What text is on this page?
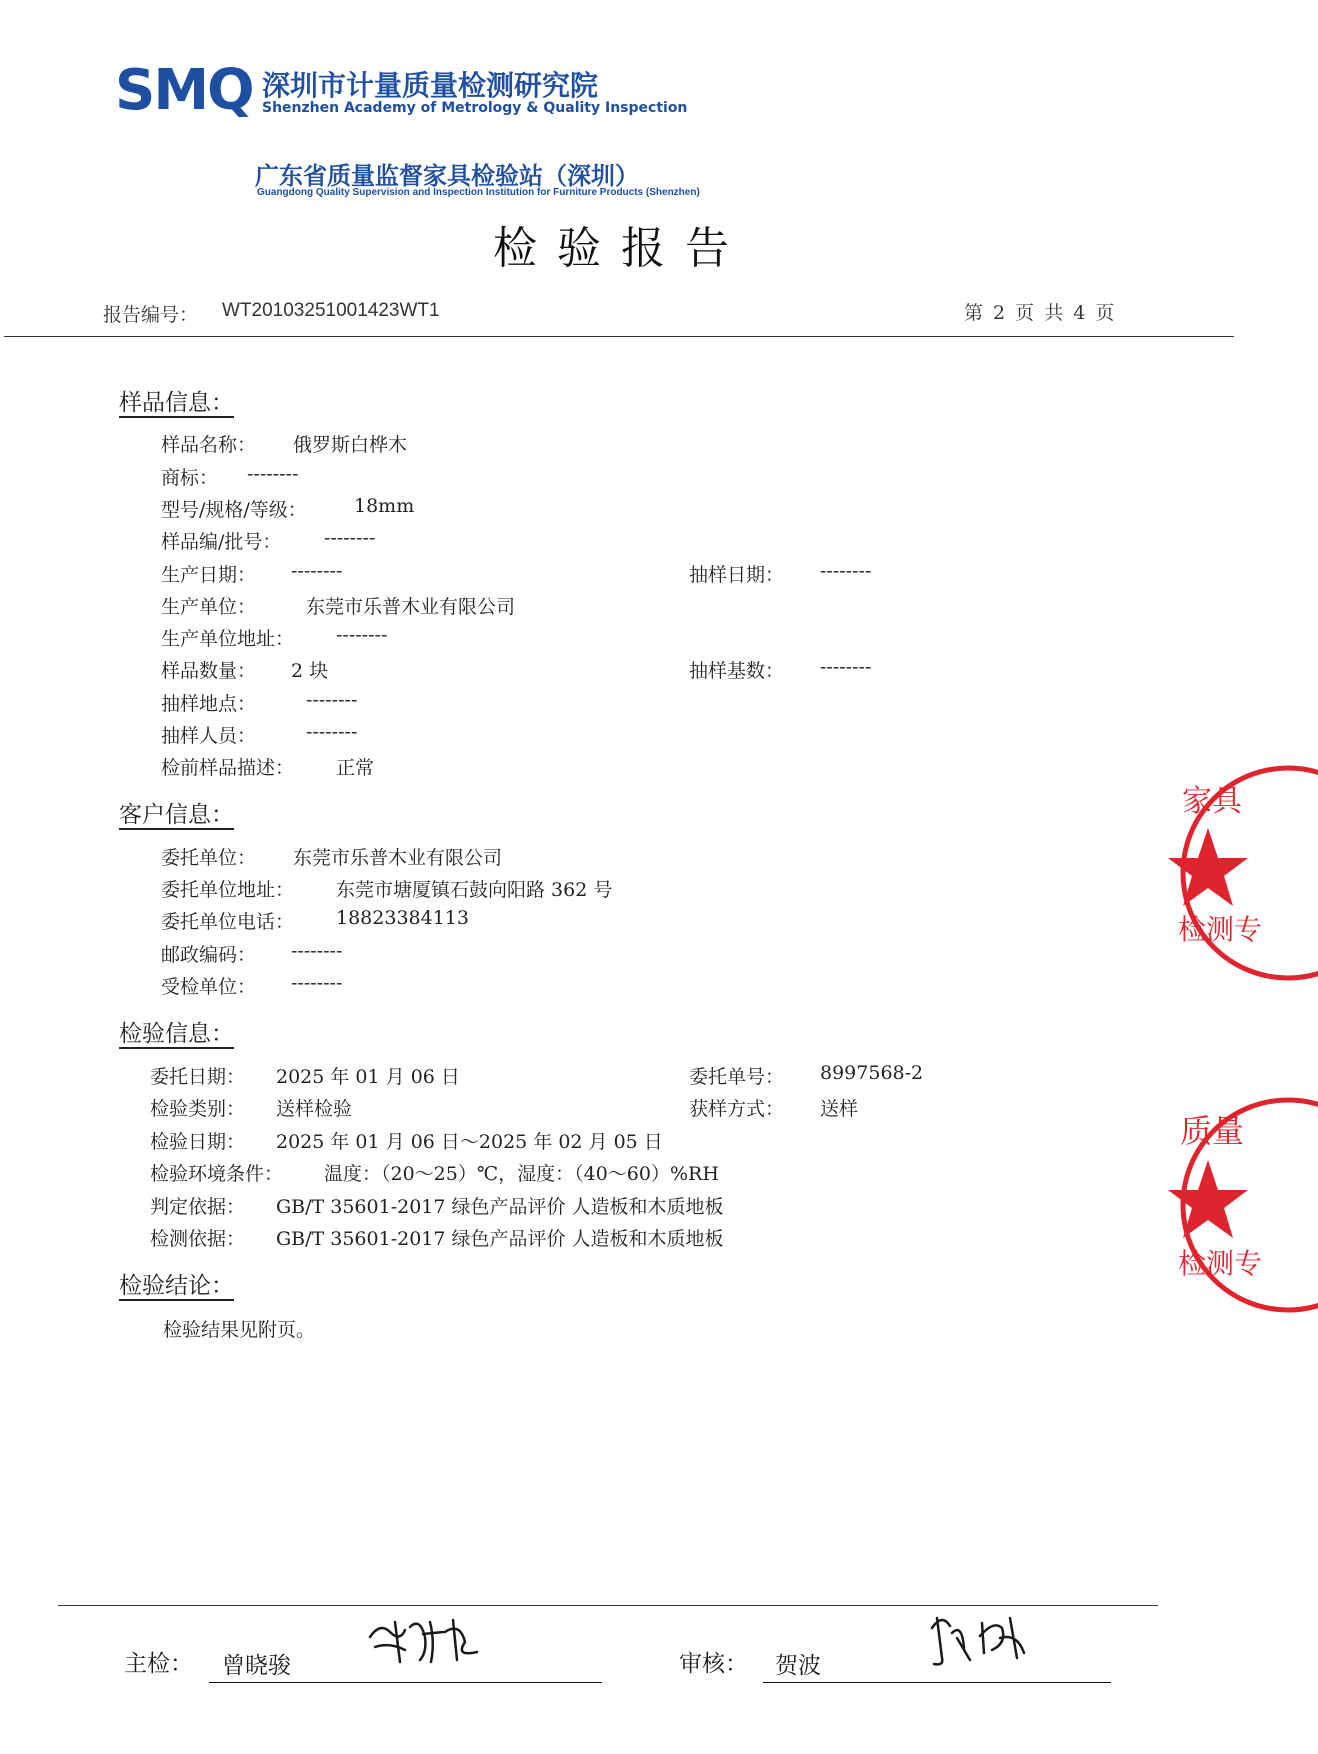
SMQ 深圳市计量质量检测研究院
Shenzhen Academy of Metrology & Quality Inspection
广东省质量监督家具检验站（深圳）
Guangdong Quality Supervision and Inspection Institution for Furniture Products (Shenzhen)
检验报告
报告编号： WT20103251001423WT1	第 2 页 共 4 页
样品信息：
样品名称： 俄罗斯白桦木
商标： --------
型号/规格/等级： 18mm
样品编/批号： --------
生产日期： --------	抽样日期： --------
生产单位：	东莞市乐普木业有限公司
生产单位地址： --------
样品数量： 2 块	抽样基数： --------
抽样地点：	--------
抽样人员：	--------
检前样品描述： 正常
客户信息：
委托单位： 东莞市乐普木业有限公司
委托单位地址： 东莞市塘厦镇石鼓向阳路 362 号
委托单位电话： 18823384113
邮政编码： --------
受检单位： --------
检验信息：
委托日期： 2025 年 01 月 06 日	委托单号： 8997568-2
检验类别： 送样检验	获样方式： 送样
检验日期： 2025 年 01 月 06 日～2025 年 02 月 05 日
检验环境条件： 温度：（20～25）℃，湿度：（40～60）%RH
判定依据： GB/T 35601-2017 绿色产品评价 人造板和木质地板
检测依据： GB/T 35601-2017 绿色产品评价 人造板和木质地板
检验结论：
检验结果见附页。
主检： 曾晓骏	审核： 贺波
家具
检测专
质量
检测专
